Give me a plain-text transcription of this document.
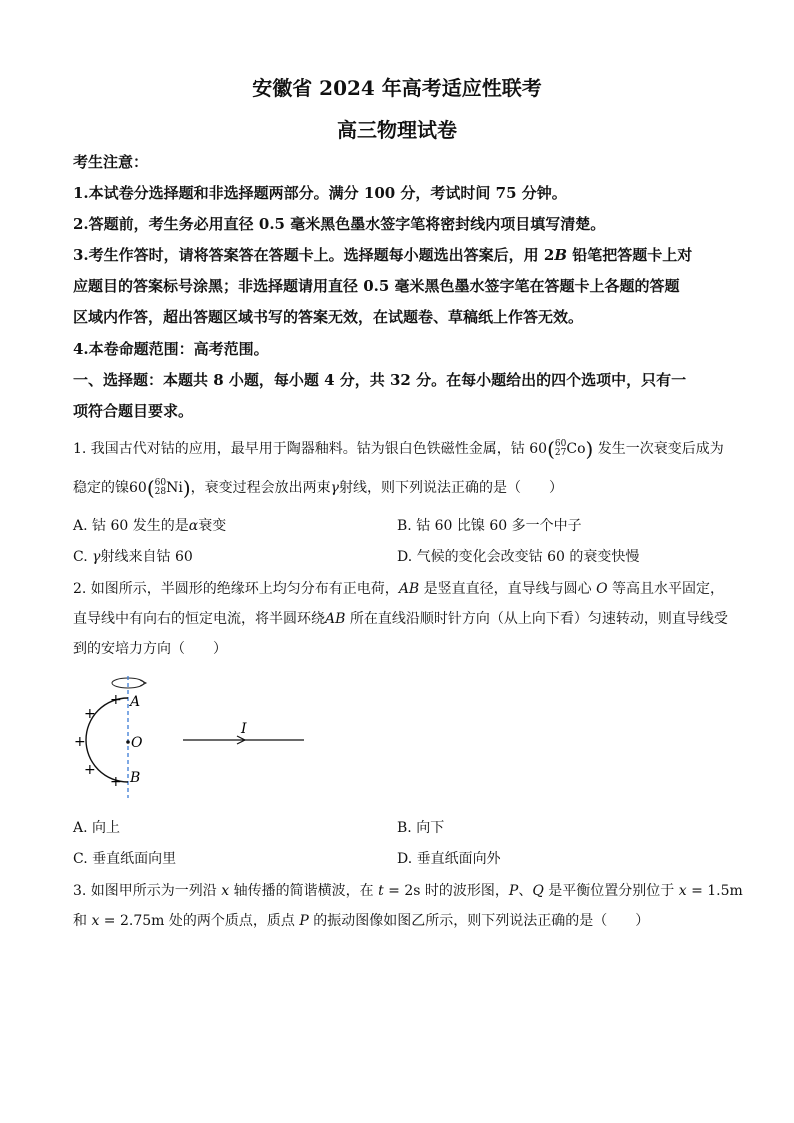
安徽省 2024 年高考适应性联考
高三物理试卷
考生注意：
1.本试卷分选择题和非选择题两部分。满分 100 分，考试时间 75 分钟。
2.答题前，考生务必用直径 0.5 毫米黑色墨水签字笔将密封线内项目填写清楚。
3.考生作答时，请将答案答在答题卡上。选择题每小题选出答案后，用 2B 铅笔把答题卡上对
应题目的答案标号涂黑；非选择题请用直径 0.5 毫米黑色墨水签字笔在答题卡上各题的答题
区域内作答，超出答题区域书写的答案无效，在试题卷、草稿纸上作答无效。
4.本卷命题范围：高考范围。
一、选择题：本题共 8 小题，每小题 4 分，共 32 分。在每小题给出的四个选项中，只有一
项符合题目要求。
1. 我国古代对钴的应用，最早用于陶器釉料。钴为银白色铁磁性金属，钴 60(60
27Co) 发生一次衰变后成为
稳定的镍60(60
28Ni)，衰变过程会放出两束γ射线，则下列说法正确的是（　　）
A. 钴 60 发生的是α衰变	B. 钴 60 比镍 60 多一个中子
C. γ射线来自钴 60	D. 气候的变化会改变钴 60 的衰变快慢
2. 如图所示，半圆形的绝缘环上均匀分布有正电荷，AB 是竖直直径，直导线与圆心 O 等高且水平固定，
直导线中有向右的恒定电流，将半圆环绕AB 所在直线沿顺时针方向（从上向下看）匀速转动，则直导线受
到的安培力方向（　　）
+
+
+
+
+
A
O
B
I
A. 向上	B. 向下
C. 垂直纸面向里	D. 垂直纸面向外
3. 如图甲所示为一列沿 x 轴传播的简谐横波，在 t = 2s 时的波形图，P、Q 是平衡位置分别位于 x = 1.5m
和 x = 2.75m 处的两个质点，质点 P 的振动图像如图乙所示，则下列说法正确的是（　　）
